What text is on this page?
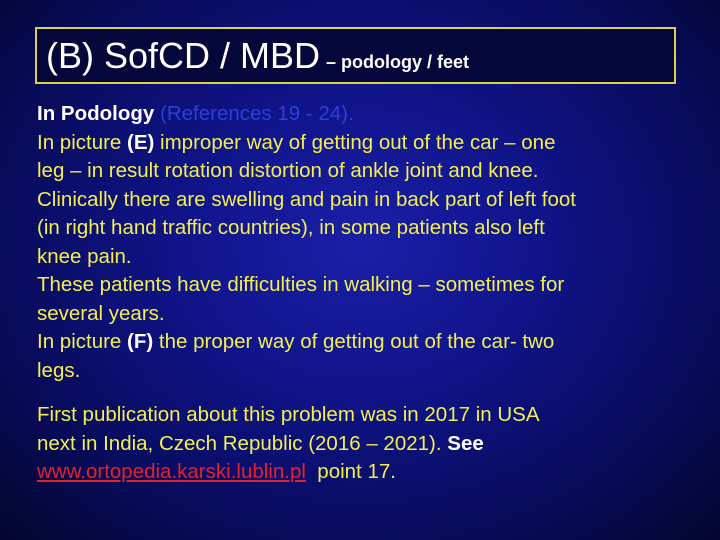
(B) SofCD / MBD – podology / feet
In Podology (References 19 - 24).
In picture (E) improper way of getting out of the car – one
leg – in result rotation distortion of ankle joint and knee.
Clinically there are swelling and pain in back part of left foot
(in right hand traffic countries), in some patients also left
knee pain.
These patients have difficulties in walking – sometimes for
several years.
In picture (F) the proper way of getting out of the car- two
legs.
First publication about this problem was in 2017 in USA
next in India, Czech Republic (2016 – 2021). See
www.ortopedia.karski.lublin.pl  point 17.
